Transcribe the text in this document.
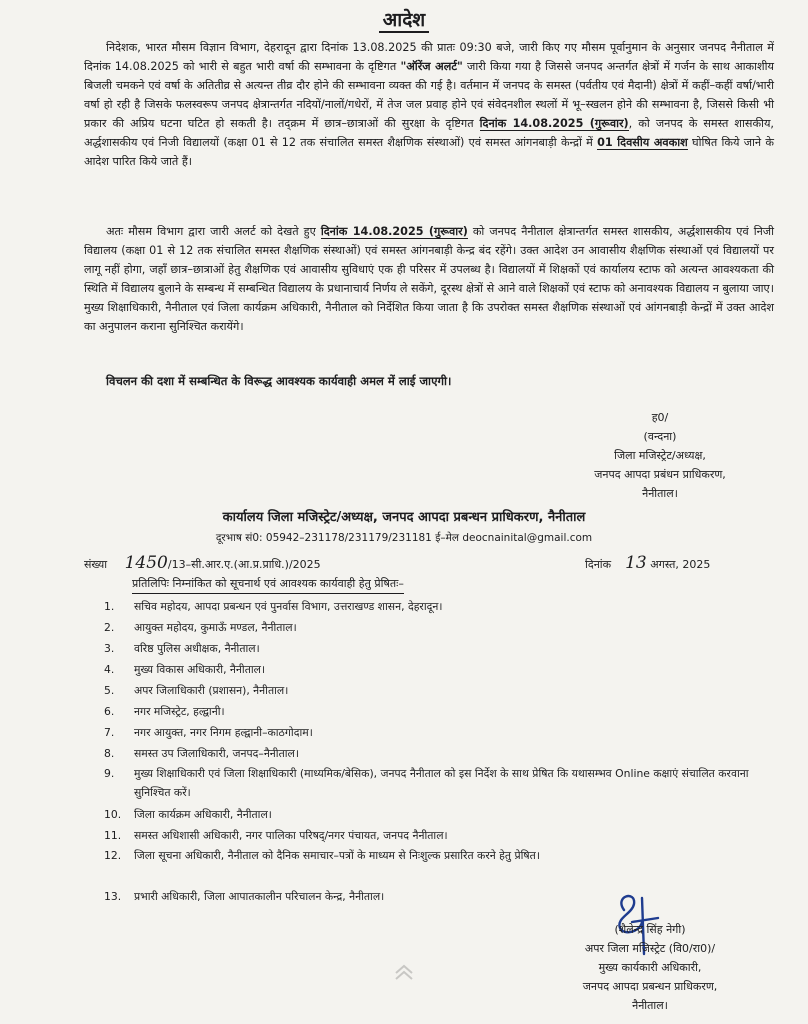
आदेश

निदेशक, भारत मौसम विज्ञान विभाग, देहरादून द्वारा दिनांक 13.08.2025 की प्रातः 09:30 बजे, जारी किए गए मौसम पूर्वानुमान के अनुसार जनपद नैनीताल में दिनांक 14.08.2025 को भारी से बहुत भारी वर्षा की सम्भावना के दृष्टिगत "ऑरेंज अलर्ट" जारी किया गया है जिससे जनपद अन्तर्गत क्षेत्रों में गर्जन के साथ आकाशीय बिजली चमकने एवं वर्षा के अतितीव्र से अत्यन्त तीव्र दौर होने की सम्भावना व्यक्त की गई है। वर्तमान में जनपद के समस्त (पर्वतीय एवं मैदानी) क्षेत्रों में कहीं–कहीं वर्षा/भारी वर्षा हो रही है जिसके फलस्वरूप जनपद क्षेत्रान्तर्गत नदियों/नालों/गधेरों, में तेज जल प्रवाह होने एवं संवेदनशील स्थलों में भू–स्खलन होने की सम्भावना है, जिससे किसी भी प्रकार की अप्रिय घटना घटित हो सकती है। तद्क्रम में छात्र–छात्राओं की सुरक्षा के दृष्टिगत दिनांक 14.08.2025 (गुरूवार), को जनपद के समस्त शासकीय, अर्द्धशासकीय एवं निजी विद्यालयों (कक्षा 01 से 12 तक संचालित समस्त शैक्षणिक संस्थाओं) एवं समस्त आंगनबाड़ी केन्द्रों में 01 दिवसीय अवकाश घोषित किये जाने के आदेश पारित किये जाते हैं।

अतः मौसम विभाग द्वारा जारी अलर्ट को देखते हुए दिनांक 14.08.2025 (गुरूवार) को जनपद नैनीताल क्षेत्रान्तर्गत समस्त शासकीय, अर्द्धशासकीय एवं निजी विद्यालय (कक्षा 01 से 12 तक संचालित समस्त शैक्षणिक संस्थाओं) एवं समस्त आंगनबाड़ी केन्द्र बंद रहेंगे। उक्त आदेश उन आवासीय शैक्षणिक संस्थाओं एवं विद्यालयों पर लागू नहीं होगा, जहाँ छात्र–छात्राओं हेतु शैक्षणिक एवं आवासीय सुविधाएं एक ही परिसर में उपलब्ध है। विद्यालयों में शिक्षकों एवं कार्यालय स्टाफ को अत्यन्त आवश्यकता की स्थिति में विद्यालय बुलाने के सम्बन्ध में सम्बन्धित विद्यालय के प्रधानाचार्य निर्णय ले सकेंगे, दूरस्थ क्षेत्रों से आने वाले शिक्षकों एवं स्टाफ को अनावश्यक विद्यालय न बुलाया जाए। मुख्य शिक्षाधिकारी, नैनीताल एवं जिला कार्यक्रम अधिकारी, नैनीताल को निर्देशित किया जाता है कि उपरोक्त समस्त शैक्षणिक संस्थाओं एवं आंगनबाड़ी केन्द्रों में उक्त आदेश का अनुपालन कराना सुनिश्चित करायेंगे।

विचलन की दशा में सम्बन्धित के विरूद्ध आवश्यक कार्यवाही अमल में लाई जाएगी।

ह0/
(वन्दना)
जिला मजिस्ट्रेट/अध्यक्ष,
जनपद आपदा प्रबंधन प्राधिकरण,
नैनीताल।
कार्यालय जिला मजिस्ट्रेट/अध्यक्ष, जनपद आपदा प्रबन्धन प्राधिकरण, नैनीताल
दूरभाष सं0: 05942–231178/231179/231181 ई–मेल deocnainital@gmail.com
संख्या 1450/13–सी.आर.ए.(आ.प्र.प्राधि.)/2025	दिनांक 13 अगस्त, 2025
प्रतिलिपिः निम्नांकित को सूचनार्थ एवं आवश्यक कार्यवाही हेतु प्रेषितः–
1.	सचिव महोदय, आपदा प्रबन्धन एवं पुनर्वास विभाग, उत्तराखण्ड शासन, देहरादून।
2.	आयुक्त महोदय, कुमाऊँ मण्डल, नैनीताल।
3.	वरिष्ठ पुलिस अधीक्षक, नैनीताल।
4.	मुख्य विकास अधिकारी, नैनीताल।
5.	अपर जिलाधिकारी (प्रशासन), नैनीताल।
6.	नगर मजिस्ट्रेट, हल्द्वानी।
7.	नगर आयुक्त, नगर निगम हल्द्वानी–काठगोदाम।
8.	समस्त उप जिलाधिकारी, जनपद–नैनीताल।
9.	मुख्य शिक्षाधिकारी एवं जिला शिक्षाधिकारी (माध्यमिक/बेसिक), जनपद नैनीताल को इस निर्देश के साथ प्रेषित कि यथासम्भव Online कक्षाएं संचालित करवाना सुनिश्चित करें।
10.	जिला कार्यक्रम अधिकारी, नैनीताल।
11.	समस्त अधिशासी अधिकारी, नगर पालिका परिषद्/नगर पंचायत, जनपद नैनीताल।
12.	जिला सूचना अधिकारी, नैनीताल को दैनिक समाचार–पत्रों के माध्यम से निःशुल्क प्रसारित करने हेतु प्रेषित।
13.	प्रभारी अधिकारी, जिला आपातकालीन परिचालन केन्द्र, नैनीताल।
(शैलेन्द्र सिंह नेगी)
अपर जिला मजिस्ट्रेट (वि0/रा0)/
मुख्य कार्यकारी अधिकारी,
जनपद आपदा प्रबन्धन प्राधिकरण,
नैनीताल।
